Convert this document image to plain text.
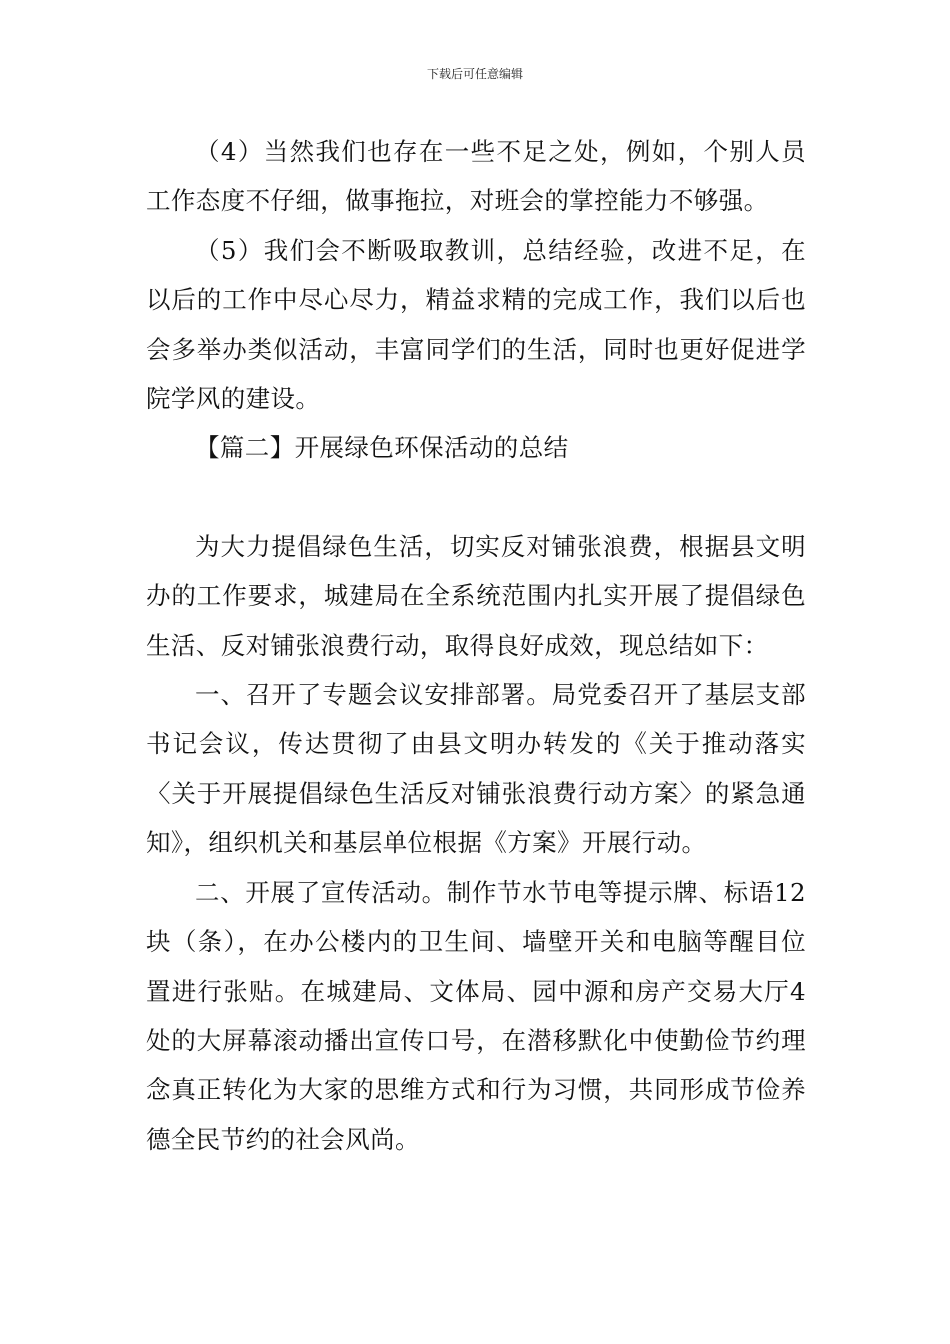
下载后可任意编辑

（4）当然我们也存在一些不足之处，例如，个别人员工作态度不仔细，做事拖拉，对班会的掌控能力不够强。

（5）我们会不断吸取教训，总结经验，改进不足，在以后的工作中尽心尽力，精益求精的完成工作，我们以后也会多举办类似活动，丰富同学们的生活，同时也更好促进学院学风的建设。

【篇二】开展绿色环保活动的总结

为大力提倡绿色生活，切实反对铺张浪费，根据县文明办的工作要求，城建局在全系统范围内扎实开展了提倡绿色生活、反对铺张浪费行动，取得良好成效，现总结如下：

一、召开了专题会议安排部署。局党委召开了基层支部书记会议，传达贯彻了由县文明办转发的《关于推动落实〈关于开展提倡绿色生活反对铺张浪费行动方案〉的紧急通知》，组织机关和基层单位根据《方案》开展行动。

二、开展了宣传活动。制作节水节电等提示牌、标语12块（条），在办公楼内的卫生间、墙壁开关和电脑等醒目位置进行张贴。在城建局、文体局、园中源和房产交易大厅4处的大屏幕滚动播出宣传口号，在潜移默化中使勤俭节约理念真正转化为大家的思维方式和行为习惯，共同形成节俭养德全民节约的社会风尚。
